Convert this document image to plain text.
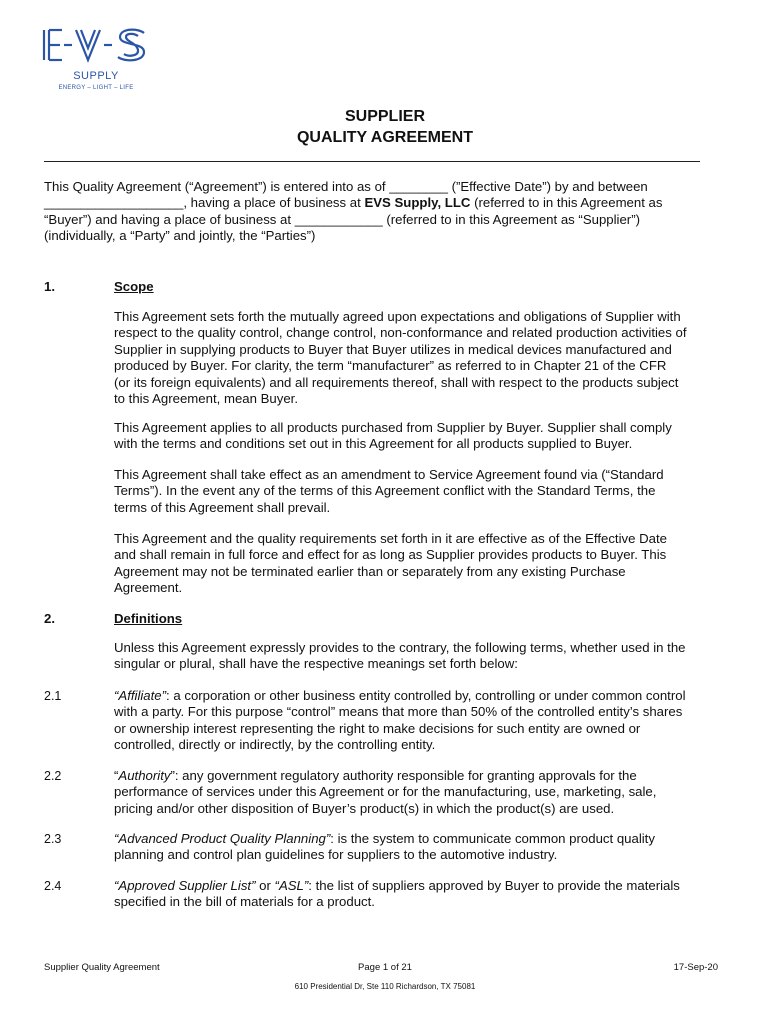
SUPPLY
ENERGY – LIGHT – LIFE
SUPPLIER
QUALITY AGREEMENT
This Quality Agreement (“Agreement”) is entered into as of ________ (”Effective Date”) by and between
___________________, having a place of business at EVS Supply, LLC (referred to in this Agreement as
“Buyer”) and having a place of business at ____________ (referred to in this Agreement as “Supplier”)
(individually, a “Party” and jointly, the “Parties”)
1.	Scope
This Agreement sets forth the mutually agreed upon expectations and obligations of Supplier with
respect to the quality control, change control, non-conformance and related production activities of
Supplier in supplying products to Buyer that Buyer utilizes in medical devices manufactured and
produced by Buyer. For clarity, the term “manufacturer” as referred to in Chapter 21 of the CFR
(or its foreign equivalents) and all requirements thereof, shall with respect to the products subject
to this Agreement, mean Buyer.
This Agreement applies to all products purchased from Supplier by Buyer. Supplier shall comply
with the terms and conditions set out in this Agreement for all products supplied to Buyer.
This Agreement shall take effect as an amendment to Service Agreement found via (“Standard
Terms”). In the event any of the terms of this Agreement conflict with the Standard Terms, the
terms of this Agreement shall prevail.
This Agreement and the quality requirements set forth in it are effective as of the Effective Date
and shall remain in full force and effect for as long as Supplier provides products to Buyer. This
Agreement may not be terminated earlier than or separately from any existing Purchase
Agreement.
2.	Definitions
Unless this Agreement expressly provides to the contrary, the following terms, whether used in the
singular or plural, shall have the respective meanings set forth below:
2.1	“Affiliate”: a corporation or other business entity controlled by, controlling or under common control
with a party. For this purpose “control” means that more than 50% of the controlled entity’s shares
or ownership interest representing the right to make decisions for such entity are owned or
controlled, directly or indirectly, by the controlling entity.
2.2	“Authority”: any government regulatory authority responsible for granting approvals for the
performance of services under this Agreement or for the manufacturing, use, marketing, sale,
pricing and/or other disposition of Buyer’s product(s) in which the product(s) are used.
2.3	“Advanced Product Quality Planning”: is the system to communicate common product quality
planning and control plan guidelines for suppliers to the automotive industry.
2.4	“Approved Supplier List” or “ASL”: the list of suppliers approved by Buyer to provide the materials
specified in the bill of materials for a product.
Supplier Quality Agreement	Page 1 of 21	17-Sep-20
610 Presidential Dr, Ste 110 Richardson, TX 75081
